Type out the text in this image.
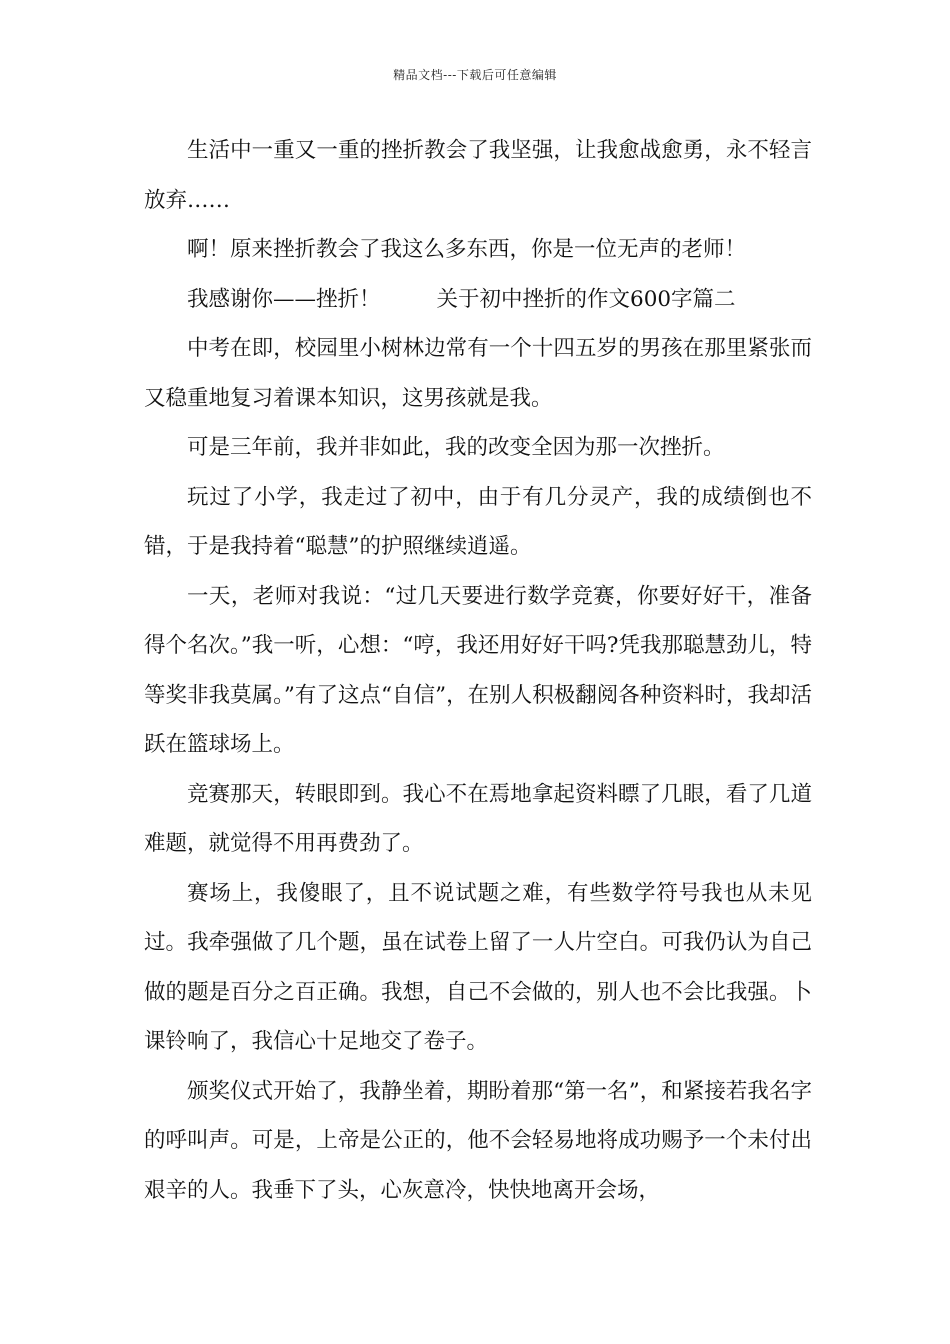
精品文档---下载后可任意编辑

生活中一重又一重的挫折教会了我坚强，让我愈战愈勇，永不轻言放弃……

啊！原来挫折教会了我这么多东西，你是一位无声的老师！

我感谢你——挫折！	关于初中挫折的作文600字篇二

中考在即，校园里小树林边常有一个十四五岁的男孩在那里紧张而又稳重地复习着课本知识，这男孩就是我。

可是三年前，我并非如此，我的改变全因为那一次挫折。

玩过了小学，我走过了初中，由于有几分灵产，我的成绩倒也不错，于是我持着“聪慧”的护照继续逍遥。

一天，老师对我说：“过几天要进行数学竞赛，你要好好干，准备得个名次。”我一听，心想：“哼，我还用好好干吗?凭我那聪慧劲儿，特等奖非我莫属。”有了这点“自信”，在别人积极翻阅各种资料时，我却活跃在篮球场上。

竞赛那天，转眼即到。我心不在焉地拿起资料瞟了几眼，看了几道难题，就觉得不用再费劲了。

赛场上，我傻眼了，且不说试题之难，有些数学符号我也从未见过。我牵强做了几个题，虽在试卷上留了一人片空白。可我仍认为自己做的题是百分之百正确。我想，自己不会做的，别人也不会比我强。卜课铃响了，我信心十足地交了卷子。

颁奖仪式开始了，我静坐着，期盼着那“第一名”，和紧接若我名字的呼叫声。可是，上帝是公正的，他不会轻易地将成功赐予一个未付出艰辛的人。我垂下了头，心灰意冷，快快地离开会场，
